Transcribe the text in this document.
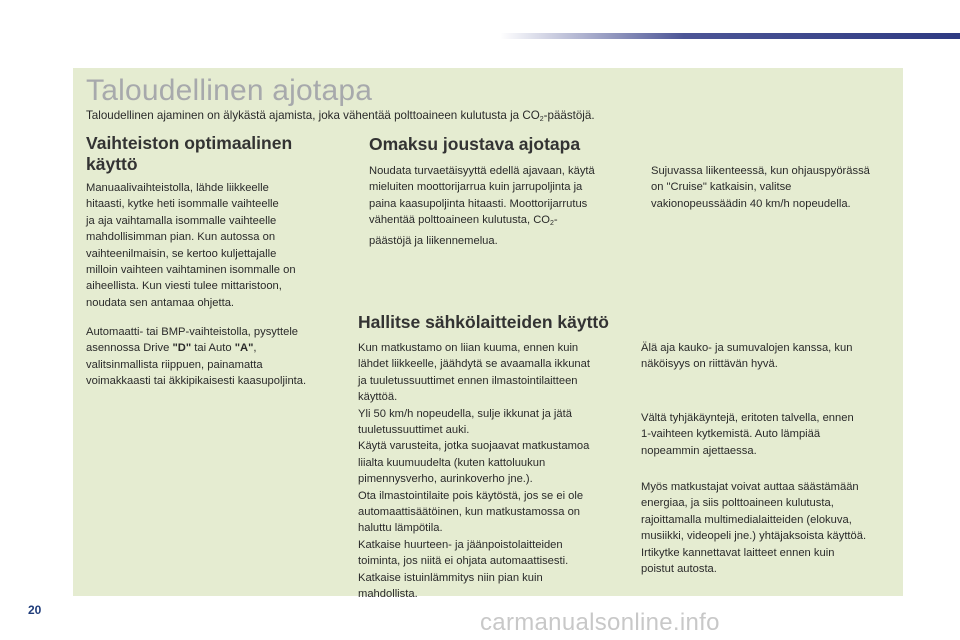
Taloudellinen ajotapa

Taloudellinen ajaminen on älykästä ajamista, joka vähentää polttoaineen kulutusta ja $CO_2$-päästöjä.

Vaihteiston optimaalinen
käyttö

Manuaalivaihteistolla, lähde liikkeelle
hitaasti, kytke heti isommalle vaihteelle
ja aja vaihtamalla isommalle vaihteelle
mahdollisimman pian. Kun autossa on
vaihteenilmaisin, se kertoo kuljettajalle
milloin vaihteen vaihtaminen isommalle on
aiheellista. Kun viesti tulee mittaristoon,
noudata sen antamaa ohjetta.

Automaatti- tai BMP-vaihteistolla, pysyttele
asennossa Drive "D" tai Auto "A",
valitsinmallista riippuen, painamatta
voimakkaasti tai äkkipikaisesti kaasupoljinta.

Omaksu joustava ajotapa

Noudata turvaetäisyyttä edellä ajavaan, käytä
mieluiten moottorijarrua kuin jarrupoljinta ja
paina kaasupoljinta hitaasti. Moottorijarrutus
vähentää polttoaineen kulutusta, $CO_2-$
päästöjä ja liikennemelua.

Sujuvassa liikenteessä, kun ohjauspyörässä
on "Cruise" katkaisin, valitse
vakionopeussäädin 40 km/h nopeudella.

Hallitse sähkölaitteiden käyttö

Kun matkustamo on liian kuuma, ennen kuin
lähdet liikkeelle, jäähdytä se avaamalla ikkunat
ja tuuletussuuttimet ennen ilmastointilaitteen
käyttöä.
Yli 50 km/h nopeudella, sulje ikkunat ja jätä
tuuletussuuttimet auki.
Käytä varusteita, jotka suojaavat matkustamoa
liialta kuumuudelta (kuten kattoluukun
pimennysverho, aurinkoverho jne.).
Ota ilmastointilaite pois käytöstä, jos se ei ole
automaattisäätöinen, kun matkustamossa on
haluttu lämpötila.
Katkaise huurteen- ja jäänpoistolaitteiden
toiminta, jos niitä ei ohjata automaattisesti.
Katkaise istuinlämmitys niin pian kuin
mahdollista.

Älä aja kauko- ja sumuvalojen kanssa, kun
näköisyys on riittävän hyvä.

Vältä tyhjäkäyntejä, eritoten talvella, ennen
1-vaihteen kytkemistä. Auto lämpiää
nopeammin ajettaessa.

Myös matkustajat voivat auttaa säästämään
energiaa, ja siis polttoaineen kulutusta,
rajoittamalla multimedialaitteiden (elokuva,
musiikki, videopeli jne.) yhtäjaksoista käyttöä.
Irtikytke kannettavat laitteet ennen kuin
poistut autosta.

20	carmanualsonline.info
